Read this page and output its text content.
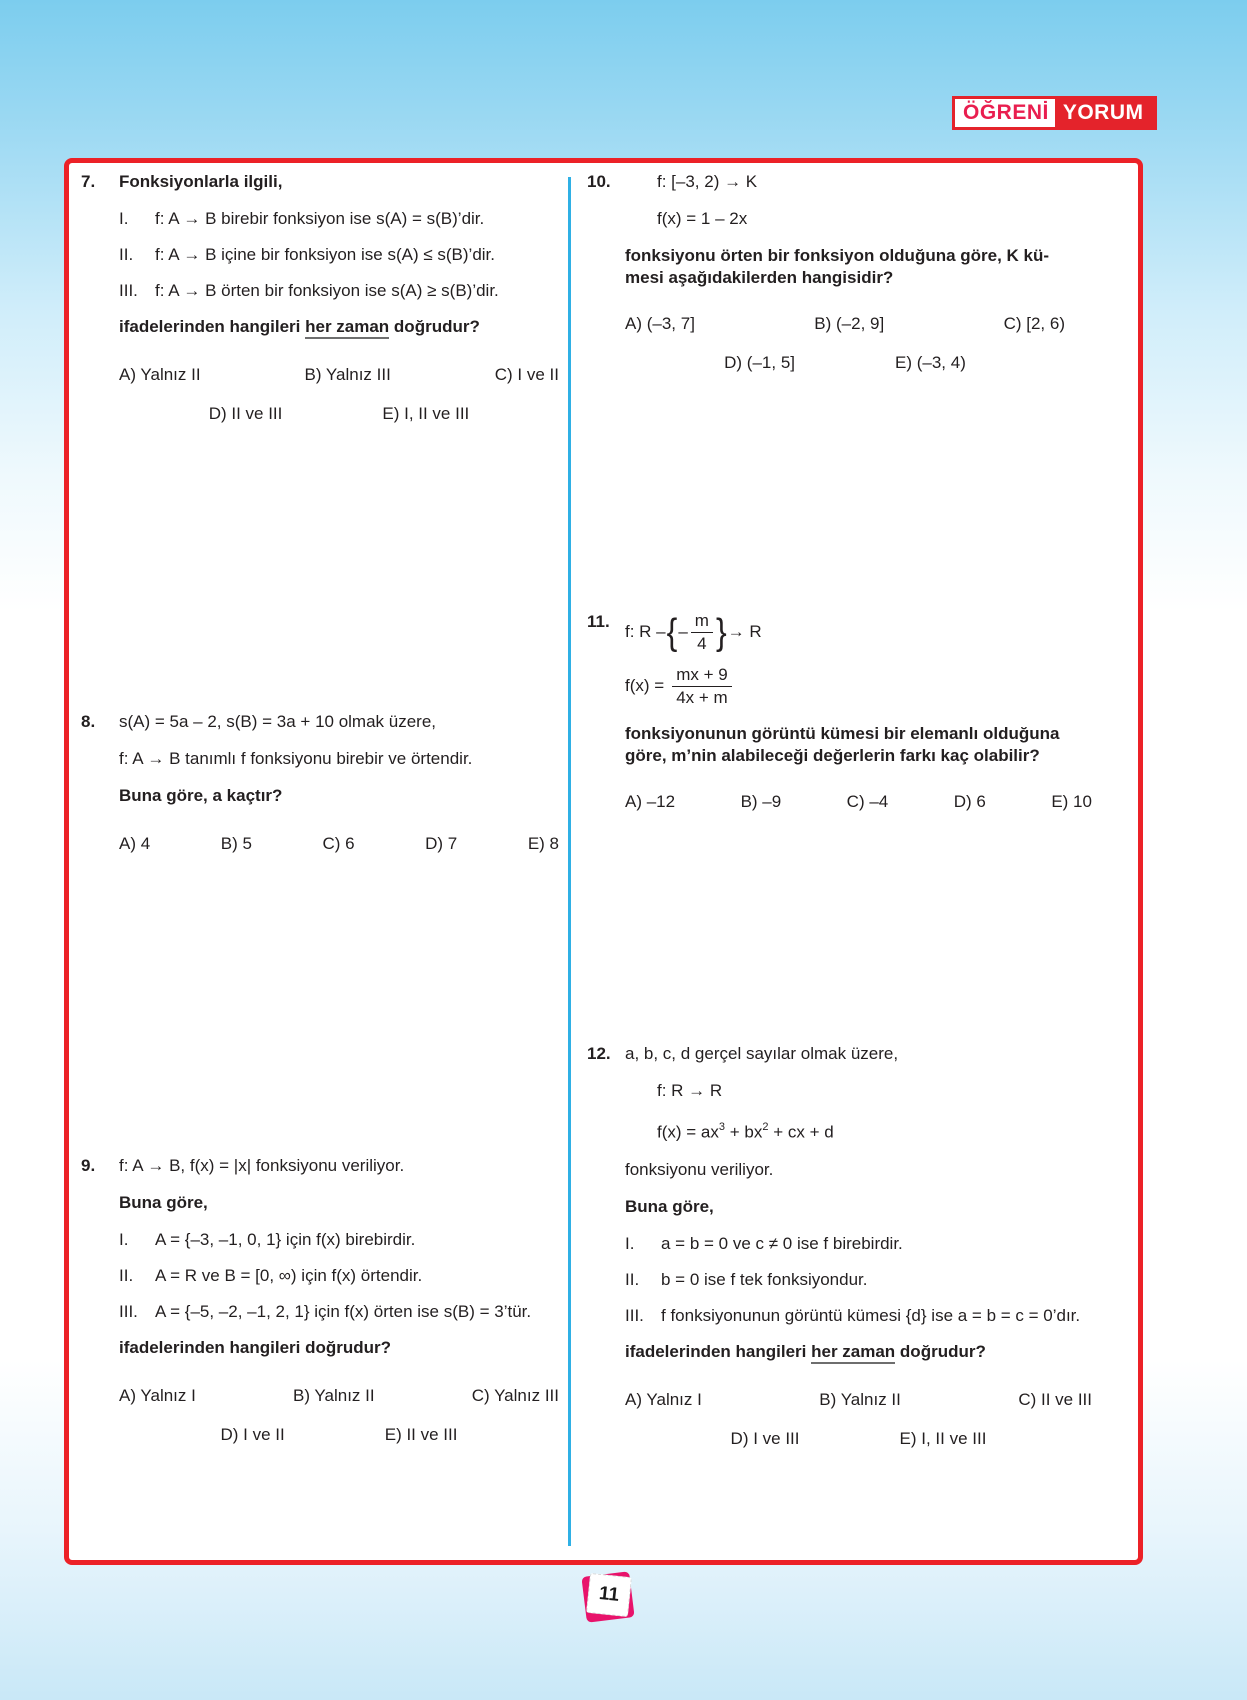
ÖĞRENİ YORUM
7.	Fonksiyonlarla ilgili,

I.	f: A → B birebir fonksiyon ise s(A) = s(B)’dir.
II.	f: A → B içine bir fonksiyon ise s(A) ≤ s(B)’dir.
III.	f: A → B örten bir fonksiyon ise s(A) ≥ s(B)’dir.

ifadelerinden hangileri her zaman doğrudur?

A) Yalnız II	B) Yalnız III	C) I ve II
D) II ve III	E) I, II ve III
8.	s(A) = 5a – 2, s(B) = 3a + 10 olmak üzere,

f: A → B tanımlı f fonksiyonu birebir ve örtendir.

Buna göre, a kaçtır?

A) 4	B) 5	C) 6	D) 7	E) 8
9.	f: A → B, f(x) = |x| fonksiyonu veriliyor.

Buna göre,

I.	A = {–3, –1, 0, 1} için f(x) birebirdir.
II.	A = R ve B = [0, ∞) için f(x) örtendir.
III.	A = {–5, –2, –1, 2, 1} için f(x) örten ise s(B) = 3’tür.

ifadelerinden hangileri doğrudur?

A) Yalnız I	B) Yalnız II	C) Yalnız III
D) I ve II	E) II ve III
10.	f: [–3, 2) → K

f(x) = 1 – 2x

fonksiyonu örten bir fonksiyon olduğuna göre, K kü-
mesi aşağıdakilerden hangisidir?

A) (–3, 7]	B) (–2, 9]	C) [2, 6)
D) (–1, 5]	E) (–3, 4)
11.
f: R – { – $\frac{m}{4}$ } → R
$f(x) = \frac{mx + 9}{4x + m}$

fonksiyonunun görüntü kümesi bir elemanlı olduğuna
göre, m’nin alabileceği değerlerin farkı kaç olabilir?

A) –12	B) –9	C) –4	D) 6	E) 10
12. a, b, c, d gerçel sayılar olmak üzere,

f: R → R

$f(x) = ax^3 + bx^2$ + cx + d

fonksiyonu veriliyor.

Buna göre,

I.	a = b = 0 ve c ≠ 0 ise f birebirdir.
II.	b = 0 ise f tek fonksiyondur.
III.	f fonksiyonunun görüntü kümesi {d} ise a = b = c = 0’dır.

ifadelerinden hangileri her zaman doğrudur?

A) Yalnız I	B) Yalnız II	C) II ve III
D) I ve III	E) I, II ve III
11
